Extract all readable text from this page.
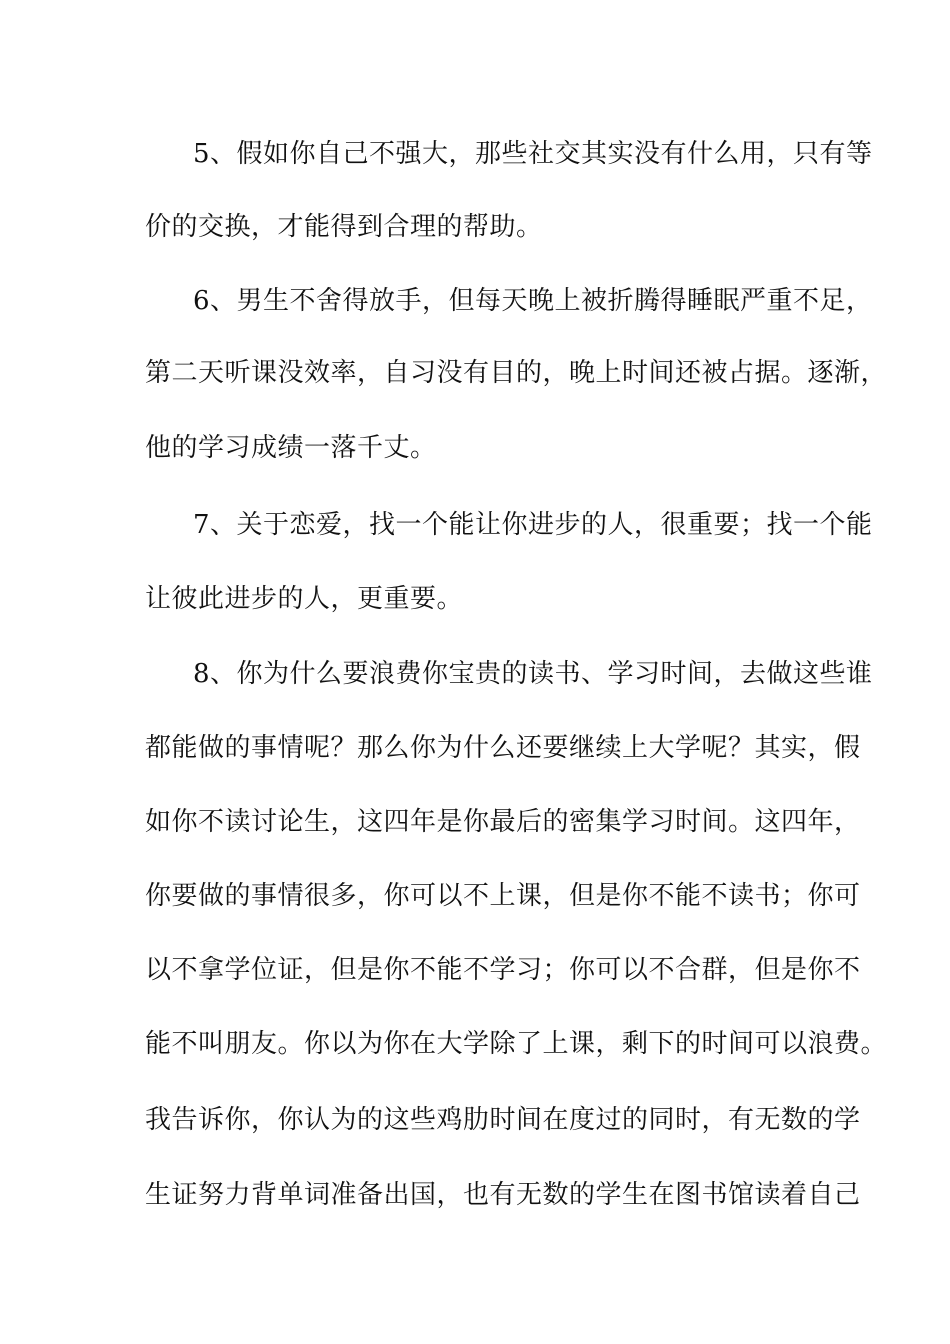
5、假如你自己不强大，那些社交其实没有什么用，只有等
价的交换，才能得到合理的帮助。
6、男生不舍得放手，但每天晚上被折腾得睡眠严重不足，
第二天听课没效率，自习没有目的，晚上时间还被占据。逐渐，
他的学习成绩一落千丈。
7、关于恋爱，找一个能让你进步的人，很重要；找一个能
让彼此进步的人，更重要。
8、你为什么要浪费你宝贵的读书、学习时间，去做这些谁
都能做的事情呢？那么你为什么还要继续上大学呢？其实，假
如你不读讨论生，这四年是你最后的密集学习时间。这四年，
你要做的事情很多，你可以不上课，但是你不能不读书；你可
以不拿学位证，但是你不能不学习；你可以不合群，但是你不
能不叫朋友。你以为你在大学除了上课，剩下的时间可以浪费。
我告诉你，你认为的这些鸡肋时间在度过的同时，有无数的学
生证努力背单词准备出国，也有无数的学生在图书馆读着自己
